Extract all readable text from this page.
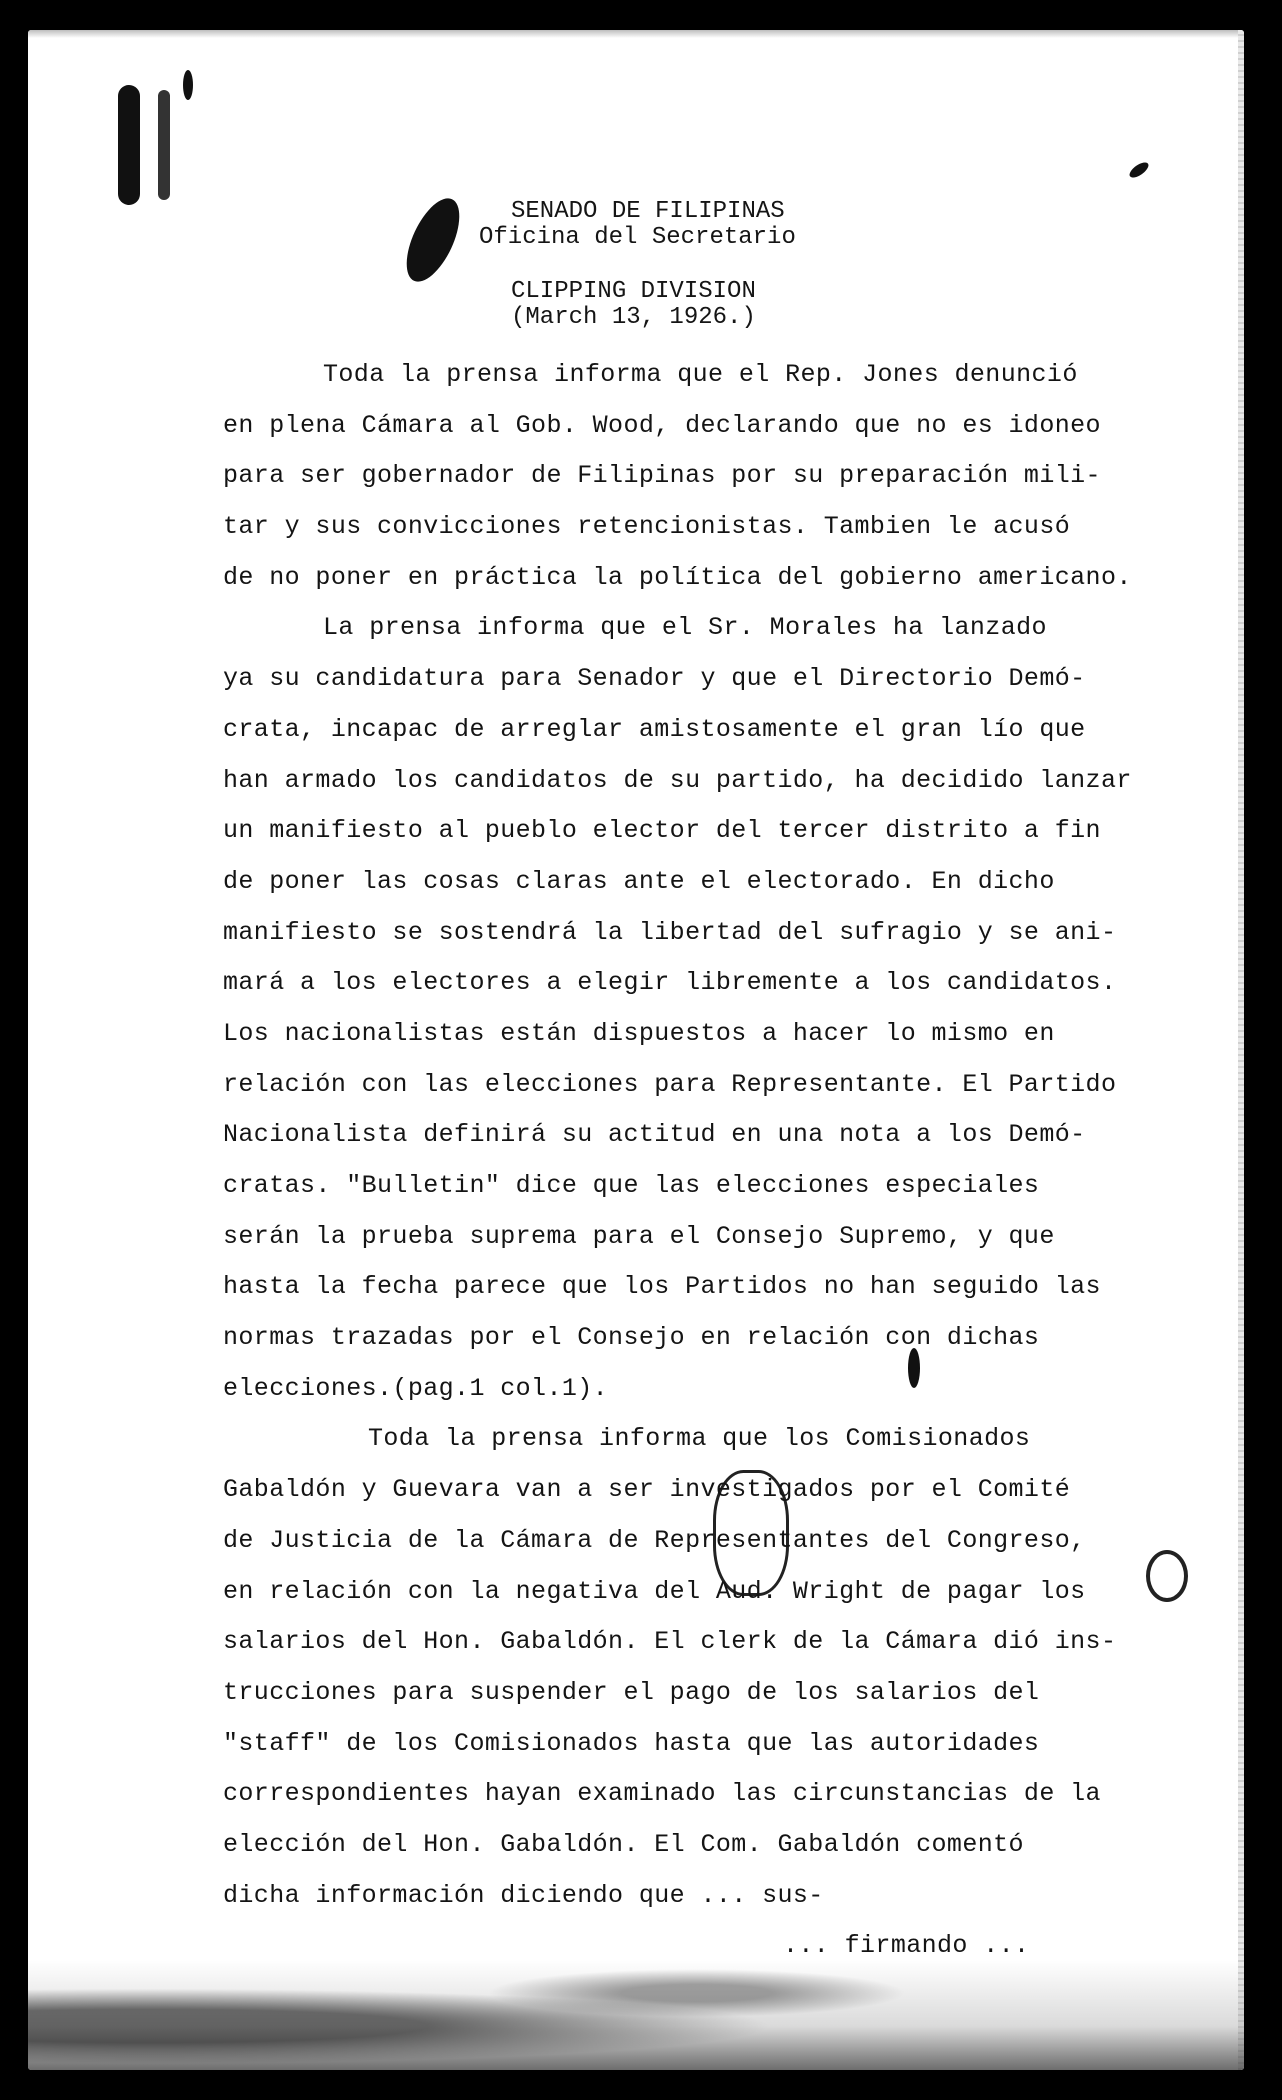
SENADO DE FILIPINAS
Oficina del Secretario
CLIPPING DIVISION
(March 13, 1926.)
Toda la prensa informa que el Rep. Jones denunció
en plena Cámara al Gob. Wood, declarando que no es idoneo
para ser gobernador de Filipinas por su preparación mili-
tar y sus convicciones retencionistas. Tambien le acusó
de no poner en práctica la política del gobierno americano.
La prensa informa que el Sr. Morales ha lanzado
ya su candidatura para Senador y que el Directorio Demó-
crata, incapac de arreglar amistosamente el gran lío que
han armado los candidatos de su partido, ha decidido lanzar
un manifiesto al pueblo elector del tercer distrito a fin
de poner las cosas claras ante el electorado. En dicho
manifiesto se sostendrá la libertad del sufragio y se ani-
mará a los electores a elegir libremente a los candidatos.
Los nacionalistas están dispuestos a hacer lo mismo en
relación con las elecciones para Representante. El Partido
Nacionalista definirá su actitud en una nota a los Demó-
cratas. "Bulletin" dice que las elecciones especiales
serán la prueba suprema para el Consejo Supremo, y que
hasta la fecha parece que los Partidos no han seguido las
normas trazadas por el Consejo en relación con dichas
elecciones.(pag.1 col.1).
Toda la prensa informa que los Comisionados
Gabaldón y Guevara van a ser investigados por el Comité
de Justicia de la Cámara de Representantes del Congreso,
en relación con la negativa del Aud. Wright de pagar los
salarios del Hon. Gabaldón. El clerk de la Cámara dió ins-
trucciones para suspender el pago de los salarios del
"staff" de los Comisionados hasta que las autoridades
correspondientes hayan examinado las circunstancias de la
elección del Hon. Gabaldón. El Com. Gabaldón comentó
dicha información diciendo que ... sus-
... firmando ...
